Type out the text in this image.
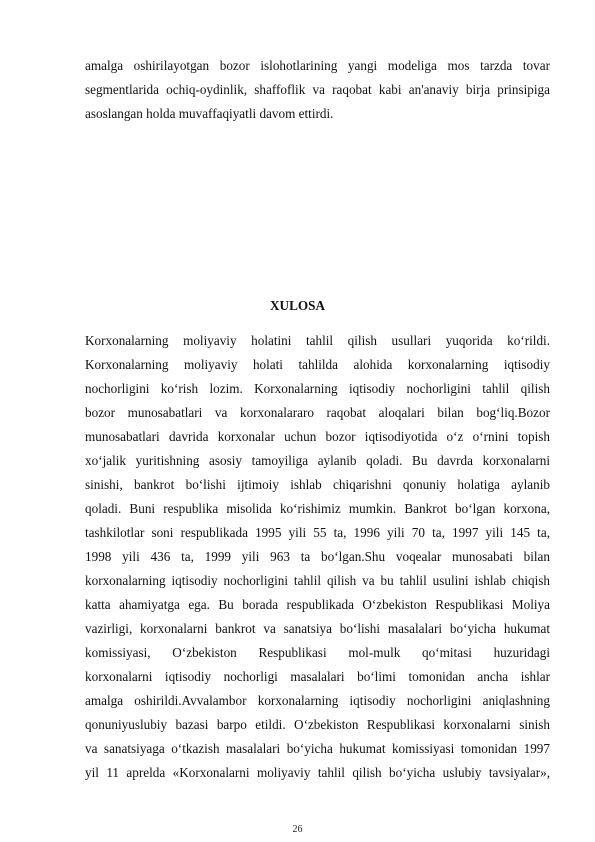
amalga oshirilayotgan bozor islohotlarining yangi modeliga mos tarzda tovar
segmentlarida ochiq-oydinlik, shaffoflik va raqobat kabi an'anaviy birja prinsipiga
asoslangan holda muvaffaqiyatli davom ettirdi.
XULOSA
Korxonalarning moliyaviy holatini tahlil qilish usullari yuqorida ko‘rildi.
Korxonalarning moliyaviy holati tahlilda alohida korxonalarning iqtisodiy
nochorligini ko‘rish lozim. Korxonalarning iqtisodiy nochorligini tahlil qilish
bozor munosabatlari va korxonalararo raqobat aloqalari bilan bog‘liq.Bozor
munosabatlari davrida korxonalar uchun bozor iqtisodiyotida o‘z o‘rnini topish
xo‘jalik yuritishning asosiy tamoyiliga aylanib qoladi. Bu davrda korxonalarni
sinishi, bankrot bo‘lishi ijtimoiy ishlab chiqarishni qonuniy holatiga aylanib
qoladi. Buni respublika misolida ko‘rishimiz mumkin. Bankrot bo‘lgan korxona,
tashkilotlar soni respublikada 1995 yili 55 ta, 1996 yili 70 ta, 1997 yili 145 ta,
1998 yili 436 ta, 1999 yili 963 ta bo‘lgan.Shu voqealar munosabati bilan
korxonalarning iqtisodiy nochorligini tahlil qilish va bu tahlil usulini ishlab chiqish
katta ahamiyatga ega. Bu borada respublikada O‘zbekiston Respublikasi Moliya
vazirligi, korxonalarni bankrot va sanatsiya bo‘lishi masalalari bo‘yicha hukumat
komissiyasi, O‘zbekiston Respublikasi mol-mulk qo‘mitasi huzuridagi
korxonalarni iqtisodiy nochorligi masalalari bo‘limi tomonidan ancha ishlar
amalga oshirildi.Avvalambor korxonalarning iqtisodiy nochorligini aniqlashning
qonuniyuslubiy bazasi barpo etildi. O‘zbekiston Respublikasi korxonalarni sinish
va sanatsiyaga o‘tkazish masalalari bo‘yicha hukumat komissiyasi tomonidan 1997
yil 11 aprelda «Korxonalarni moliyaviy tahlil qilish bo‘yicha uslubiy tavsiyalar»,
26
